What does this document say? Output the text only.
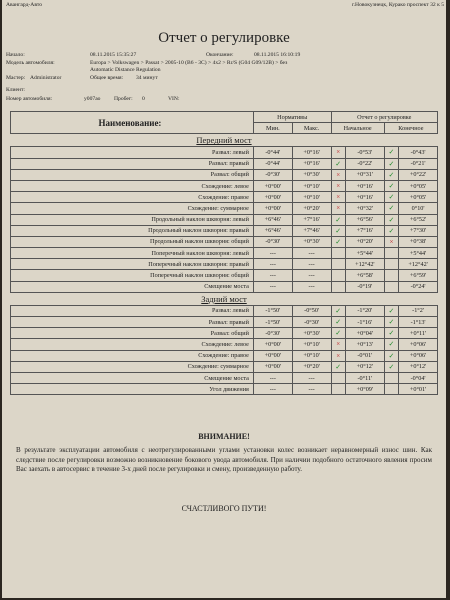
Авангард-Авто	г.Новокузнецк, Курако проспект 32 к 5
Отчет о регулировке
Начало:	08.11.2015 15:35:27	Окончание:	08.11.2015 16:10:19
Модель автомобиля:	Europa > Volkswagen > Passat > 2005-10 (B6 - 3C) > 4x2 > Rr/S (G04 G09/12B) > без
Automatic Distance Regulation
Мастер: Administrator	Общее время: 34 минут
Клиент:
Номер автомобиля:	у007ао Пробег: 0	VIN:
Наименование:	Нормативы		Отчет о регулировке			
	Мин.	Макс.	Начальное		Конечное	
Передний мост						
Развал: левый	-0°44'	+0°16'	×	-0°53'	✓	-0°43'
Развал: правый	-0°44'	+0°16'	✓	-0°22'	✓	-0°21'
Развал: общий	-0°30'	+0°30'	×	+0°31'	✓	+0°22'
Схождение: левое	+0°00'	+0°10'	×	+0°16'	✓	+0°05'
Схождение: правое	+0°00'	+0°10'	×	+0°16'	✓	+0°05'
Схождение: суммарное	+0°00'	+0°20'	×	+0°32'	✓	0°10'
Продольный наклон шкворня: левый	+6°46'	+7°16'	✓	+6°56'	✓	+6°52'
Продольный наклон шкворня: правый	+6°46'	+7°46'	✓	+7°16'	✓	+7°30'
Продольный наклон шкворня: общий	-0°30'	+0°30'	✓	+0°20'	×	+0°38'
Поперечный наклон шкворня: левый	---	---		+5°44'		+5°44'
Поперечный наклон шкворня: правый	---	---		+12°42'		+12°42'
Поперечный наклон шкворня: общий	---	---		+6°58'		+6°59'
Смещение моста	---	---		-0°19'		-0°24'
Задний мост						
Развал: левый	-1°50'	-0°50'	✓	-1°20'	✓	-1°2'
Развал: правый	-1°50'	-0°30'	✓	-1°16'	✓	-1°13'
Развал: общий	-0°30'	+0°30'	✓	+0°04'	✓	+0°11'
Схождение: левое	+0°00'	+0°10'	×	+0°13'	✓	+0°06'
Схождение: правое	+0°00'	+0°10'	×	-0°01'	✓	+0°06'
Схождение: суммарное	+0°00'	+0°20'	✓	+0°12'	✓	+0°12'
Смещение моста	---	---		-0°11'		-0°04'
Угол движения	---	---		+0°09'		+0°01'
ВНИМАНИЕ!
В результате эксплуатации автомобиля с неотрегулированными углами установки колес возникает неравномерный износ шин. Как следствие после регулировки возможно возникновение бокового увода автомобиля. При наличии подобного остаточного явления просим Вас заехать в автосервис в течение 3-х дней после регулировки и смену, произведенную работу.
СЧАСТЛИВОГО ПУТИ!
